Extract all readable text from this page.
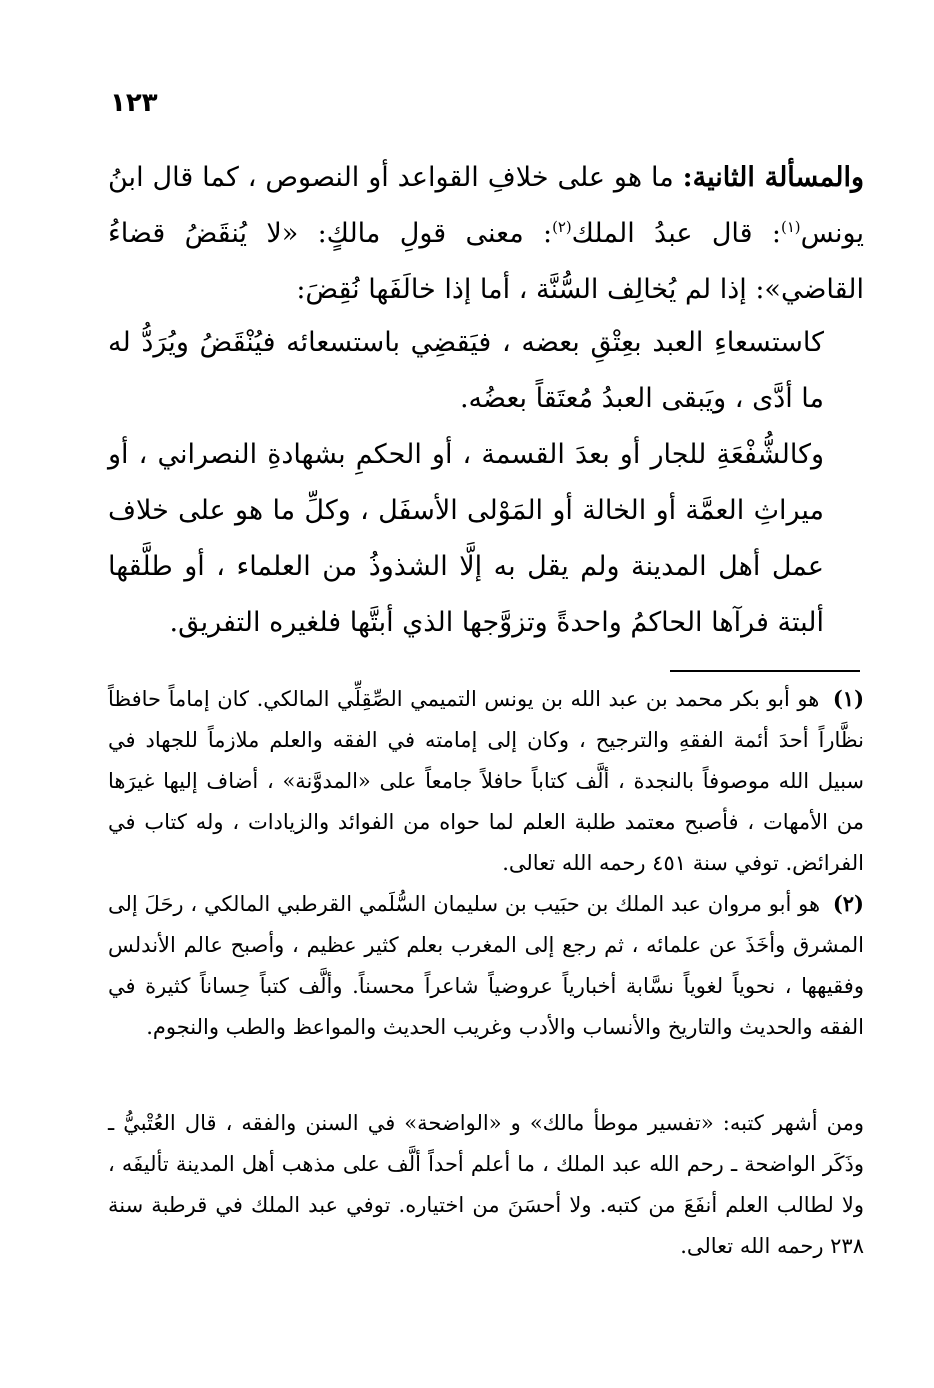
١٢٣
والمسألة الثانية: ما هو على خلافِ القواعد أو النصوص ، كما قال ابنُ يونس$^{(١)}$: قال عبدُ الملك$^{(٢)}$: معنى قولِ مالكٍ: «لا يُنقَضُ قضاءُ القاضي»: إذا لم يُخالِف السُّنَّة ، أما إذا خالَفَها نُقِضَ:
كاستسعاءِ العبد بعِتْقِ بعضه ، فيَقضِي باستسعائه فيُنْقَضُ ويُرَدُّ له ما أدَّى ، ويَبقى العبدُ مُعتَقاً بعضُه.
وكالشُّفْعَةِ للجار أو بعدَ القسمة ، أو الحكمِ بشهادةِ النصراني ، أو ميراثِ العمَّة أو الخالة أو المَوْلى الأسفَل ، وكلِّ ما هو على خلاف عمل أهل المدينة ولم يقل به إلَّا الشذوذُ من العلماء ، أو طلَّقها ألبتة فرآها الحاكمُ واحدةً وتزوَّجها الذي أبتَّها فلغيره التفريق.
(١) هو أبو بكر محمد بن عبد الله بن يونس التميمي الصِّقِلِّي المالكي. كان إماماً حافظاً نظَّاراً أحدَ أئمة الفقهِ والترجيح ، وكان إلى إمامته في الفقه والعلم ملازماً للجهاد في سبيل الله موصوفاً بالنجدة ، ألَّف كتاباً حافلاً جامعاً على «المدوَّنة» ، أضاف إليها غيرَها من الأمهات ، فأصبح معتمد طلبة العلم لما حواه من الفوائد والزيادات ، وله كتاب في الفرائض. توفي سنة ٤٥١ رحمه الله تعالى.
(٢) هو أبو مروان عبد الملك بن حبَيب بن سليمان السُّلَمي القرطبي المالكي ، رحَلَ إلى المشرق وأخَذَ عن علمائه ، ثم رجع إلى المغرب بعلم كثير عظيم ، وأصبح عالم الأندلس وفقيهها ، نحوياً لغوياً نسَّابة أخبارياً عروضياً شاعراً محسناً. وألَّف كتباً حِساناً كثيرة في الفقه والحديث والتاريخ والأنساب والأدب وغريب الحديث والمواعظ والطب والنجوم.
ومن أشهر كتبه: «تفسير موطأ مالك» و «الواضحة» في السنن والفقه ، قال العُتْبيُّ ـ وذَكَر الواضحة ـ رحم الله عبد الملك ، ما أعلم أحداً ألَّف على مذهب أهل المدينة تأليفَه ، ولا لطالب العلم أنفَعَ من كتبه. ولا أحسَنَ من اختياره. توفي عبد الملك في قرطبة سنة ٢٣٨ رحمه الله تعالى.
